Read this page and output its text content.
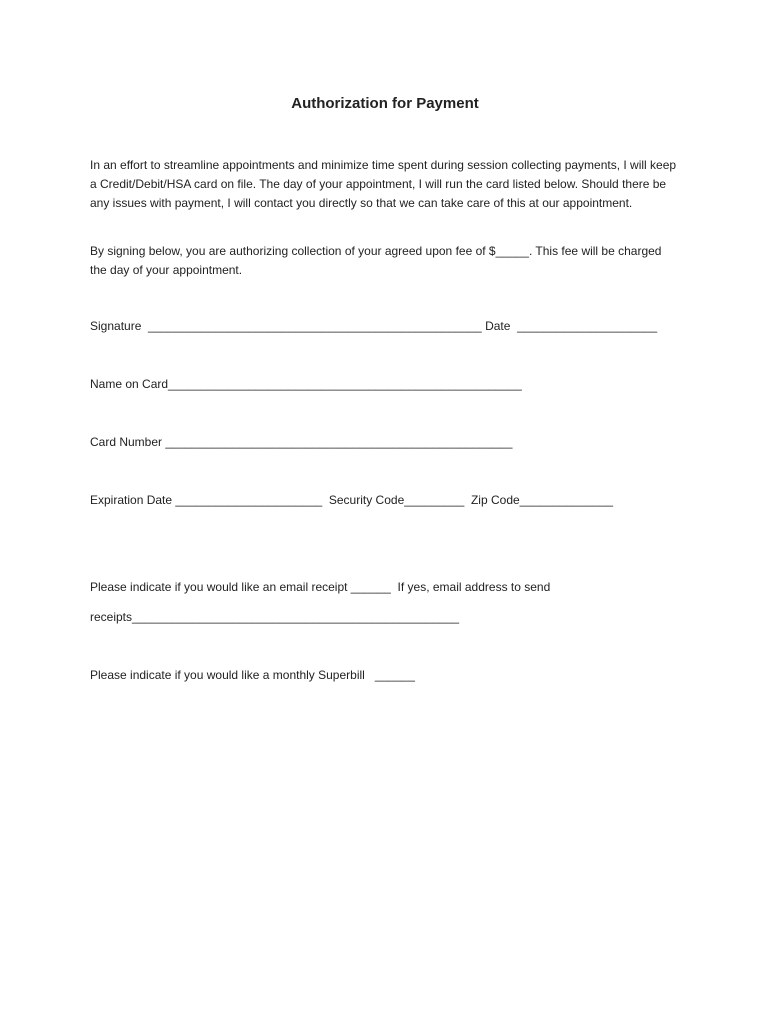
Authorization for Payment
In an effort to streamline appointments and minimize time spent during session collecting payments, I will keep a Credit/Debit/HSA card on file. The day of your appointment, I will run the card listed below. Should there be any issues with payment, I will contact you directly so that we can take care of this at our appointment.
By signing below, you are authorizing collection of your agreed upon fee of $_____. This fee will be charged the day of your appointment.
Signature  __________________________________________________ Date  _____________________
Name on Card_____________________________________________________
Card Number ____________________________________________________
Expiration Date ______________________  Security Code_________  Zip Code______________
Please indicate if you would like an email receipt ______  If yes, email address to send
receipts_________________________________________________
Please indicate if you would like a monthly Superbill   ______
